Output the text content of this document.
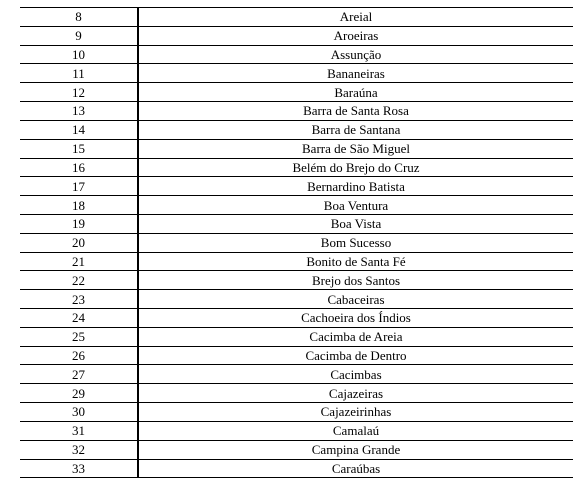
8	Areial
9	Aroeiras
10	Assunção
11	Bananeiras
12	Baraúna
13	Barra de Santa Rosa
14	Barra de Santana
15	Barra de São Miguel
16	Belém do Brejo do Cruz
17	Bernardino Batista
18	Boa Ventura
19	Boa Vista
20	Bom Sucesso
21	Bonito de Santa Fé
22	Brejo dos Santos
23	Cabaceiras
24	Cachoeira dos Índios
25	Cacimba de Areia
26	Cacimba de Dentro
27	Cacimbas
29	Cajazeiras
30	Cajazeirinhas
31	Camalaú
32	Campina Grande
33	Caraúbas
